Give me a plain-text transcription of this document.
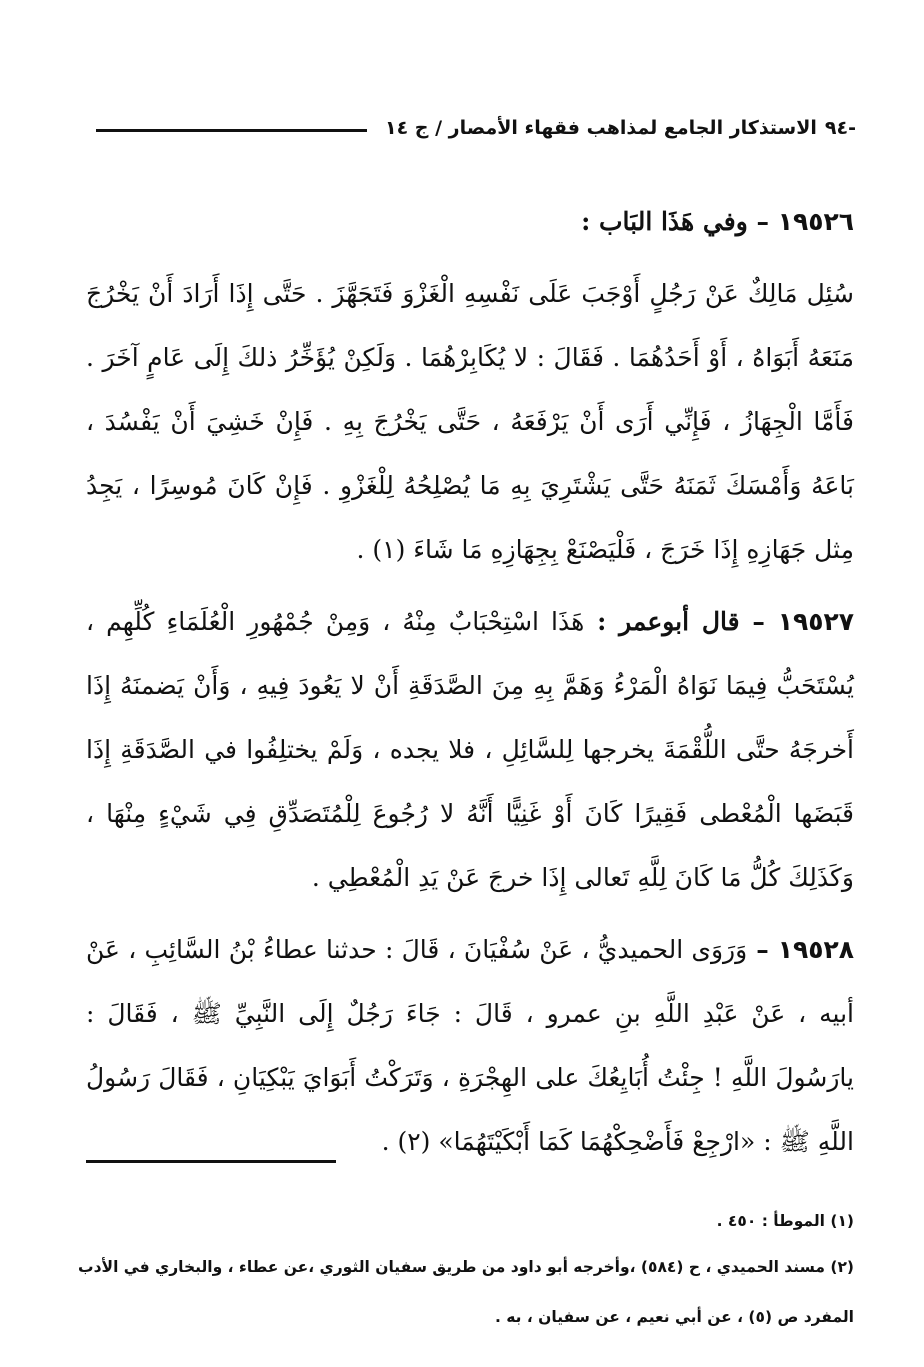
-٩٤
الاستذكار الجامع لمذاهب فقهاء الأمصار / ج ١٤

١٩٥٢٦ – وفي هَذَا البَاب :

سُئِل مَالِكٌ عَنْ رَجُلٍ أَوْجَبَ عَلَى نَفْسِهِ الْغَزْوَ فَتَجَهَّزَ . حَتَّى إِذَا أَرَادَ أَنْ يَخْرُجَ مَنَعَهُ أَبَوَاهُ ، أَوْ أَحَدُهُمَا . فَقَالَ : لا يُكَابِرْهُمَا . وَلَكِنْ يُؤَخِّرُ ذلكَ إِلَى عَامٍ آخَرَ . فَأَمَّا الْجِهَازُ ، فَإِنِّي أَرَى أَنْ يَرْفَعَهُ ، حَتَّى يَخْرُجَ بِهِ . فَإِنْ خَشِيَ أَنْ يَفْسُدَ ، بَاعَهُ وَأَمْسَكَ ثَمَنَهُ حَتَّى يَشْتَرِيَ بِهِ مَا يُصْلِحُهُ لِلْغَزْوِ . فَإِنْ كَانَ مُوسِرًا ، يَجِدُ مِثل جَهَازِهِ إِذَا خَرَجَ ، فَلْيَصْنَعْ بِجِهَازِهِ مَا شَاءَ (١) .

١٩٥٢٧ – قال أبوعمر : هَذَا اسْتِحْبَابٌ مِنْهُ ، وَمِنْ جُمْهُورِ الْعُلَمَاءِ كُلِّهِم ، يُسْتَحَبُّ فِيمَا نَوَاهُ الْمَرْءُ وَهَمَّ بِهِ مِنَ الصَّدَقَةِ أَنْ لا يَعُودَ فِيهِ ، وَأَنْ يَضمنَهُ إِذَا أَخرجَهُ حتَّى اللُّقْمَةَ يخرجها لِلسَّائِلِ ، فلا يجده ، وَلَمْ يختلِفُوا في الصَّدَقَةِ إِذَا قَبَضَها الْمُعْطى فَقِيرًا كَانَ أَوْ غَنِيًّا أَنَّهُ لا رُجُوعَ لِلْمُتَصَدِّقِ فِي شَيْءٍ مِنْهَا ، وَكَذَلِكَ كُلُّ مَا كَانَ لِلَّهِ تَعالى إِذَا خرجَ عَنْ يَدِ الْمُعْطِي .

١٩٥٢٨ – وَرَوَى الحميديُّ ، عَنْ سُفْيَانَ ، قَالَ : حدثنا عطاءُ بْنُ السَّائِبِ ، عَنْ أبيه ، عَنْ عَبْدِ اللَّهِ بنِ عمرو ، قَالَ : جَاءَ رَجُلٌ إِلَى النَّبِيِّ ﷺ ، فَقَالَ : يارَسُولَ اللَّهِ ! جِئْتُ أُبَايِعُكَ على الهِجْرَةِ ، وَتَرَكْتُ أَبَوَايَ يَبْكِيَانِ ، فَقَالَ رَسُولُ اللَّهِ ﷺ : «ارْجِعْ فَأَضْحِكْهُمَا كَمَا أَبْكَيْتَهُمَا» (٢) .

(١) الموطأ : ٤٥٠ .

(٢) مسند الحميدي ، ح (٥٨٤) ،وأخرجه أبو داود من طريق سفيان الثوري ،عن عطاء ، والبخاري في الأدب المفرد ص (٥) ، عن أبي نعيم ، عن سفيان ، به .
